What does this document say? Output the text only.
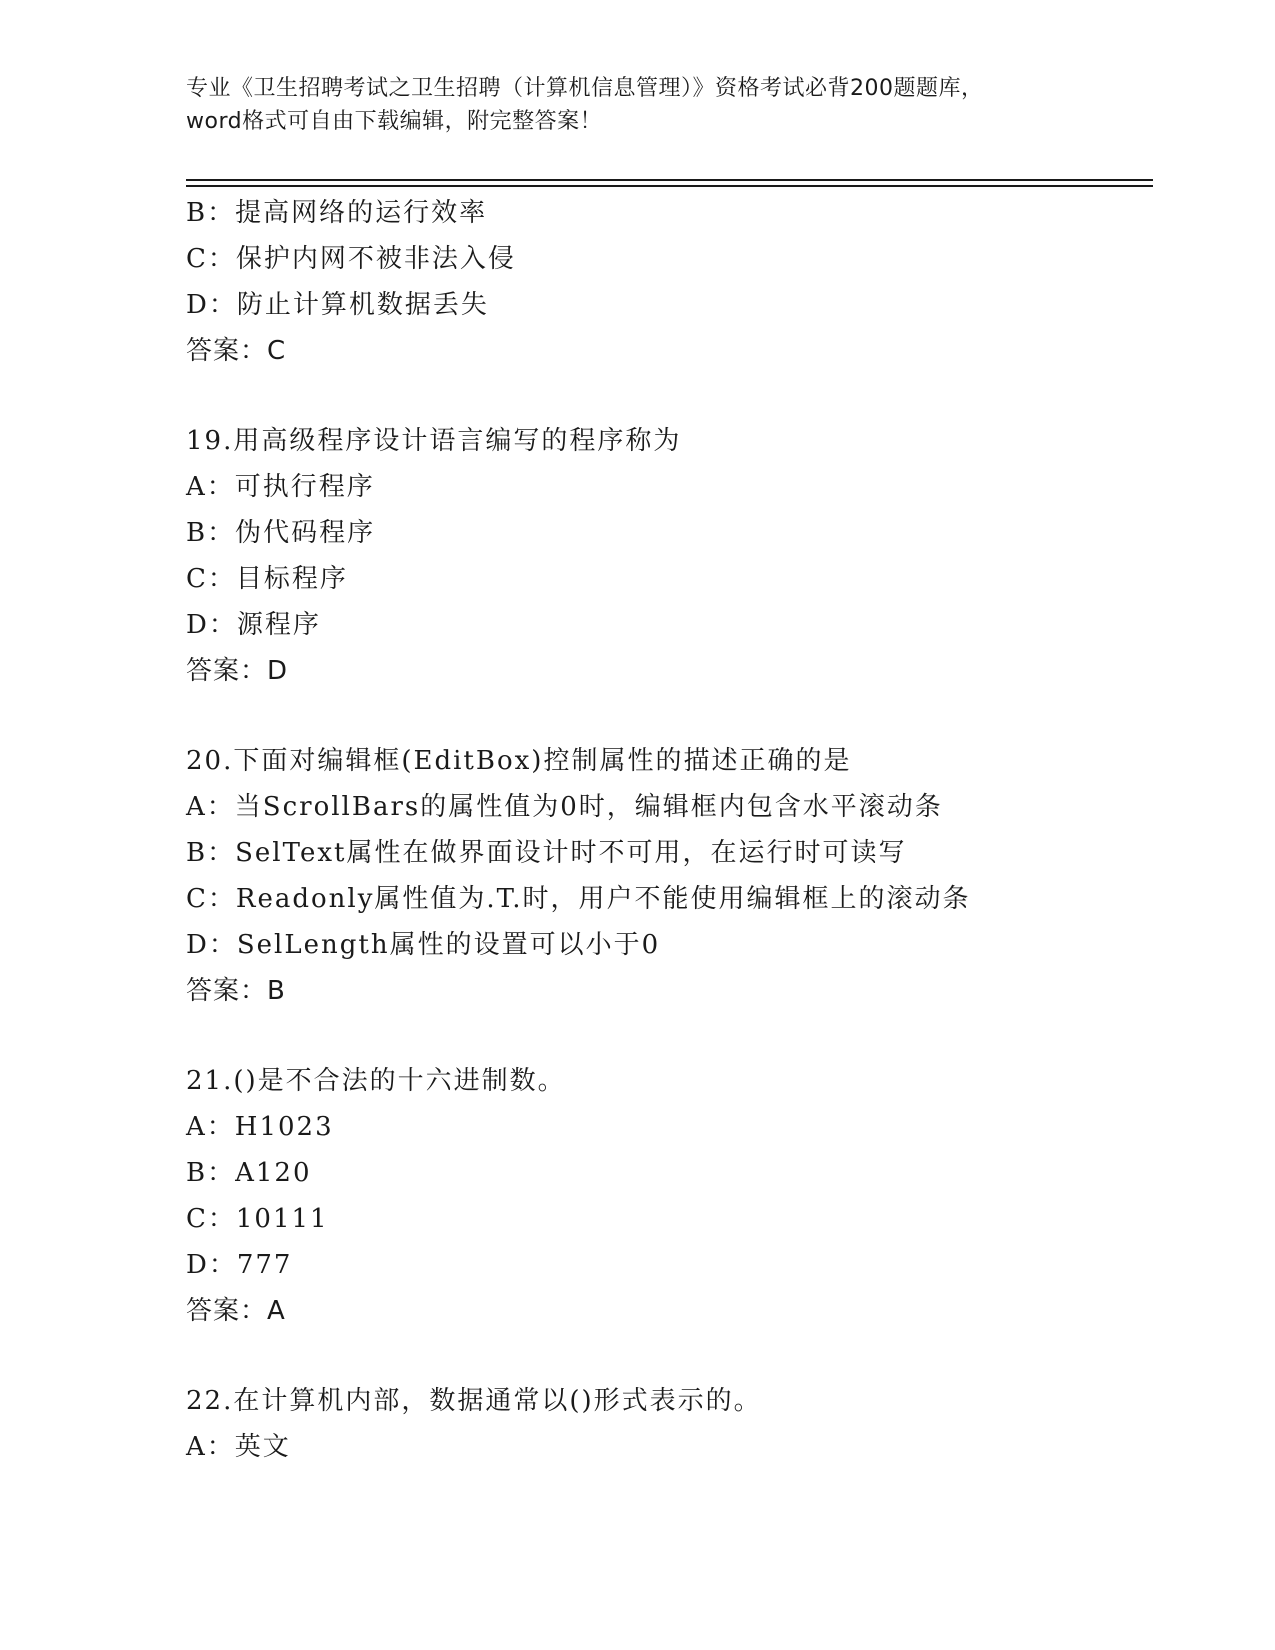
专业《卫生招聘考试之卫生招聘（计算机信息管理）》资格考试必背200题题库，
word格式可自由下载编辑，附完整答案！
B：提高网络的运行效率
C：保护内网不被非法入侵
D：防止计算机数据丢失
答案：C
19.用高级程序设计语言编写的程序称为
A：可执行程序
B：伪代码程序
C：目标程序
D：源程序
答案：D
20.下面对编辑框(EditBox)控制属性的描述正确的是
A：当ScrollBars的属性值为0时，编辑框内包含水平滚动条
B：SelText属性在做界面设计时不可用，在运行时可读写
C：Readonly属性值为.T.时，用户不能使用编辑框上的滚动条
D：SelLength属性的设置可以小于0
答案：B
21.()是不合法的十六进制数。
A：H1023
B：A120
C：10111
D：777
答案：A
22.在计算机内部，数据通常以()形式表示的。
A：英文
